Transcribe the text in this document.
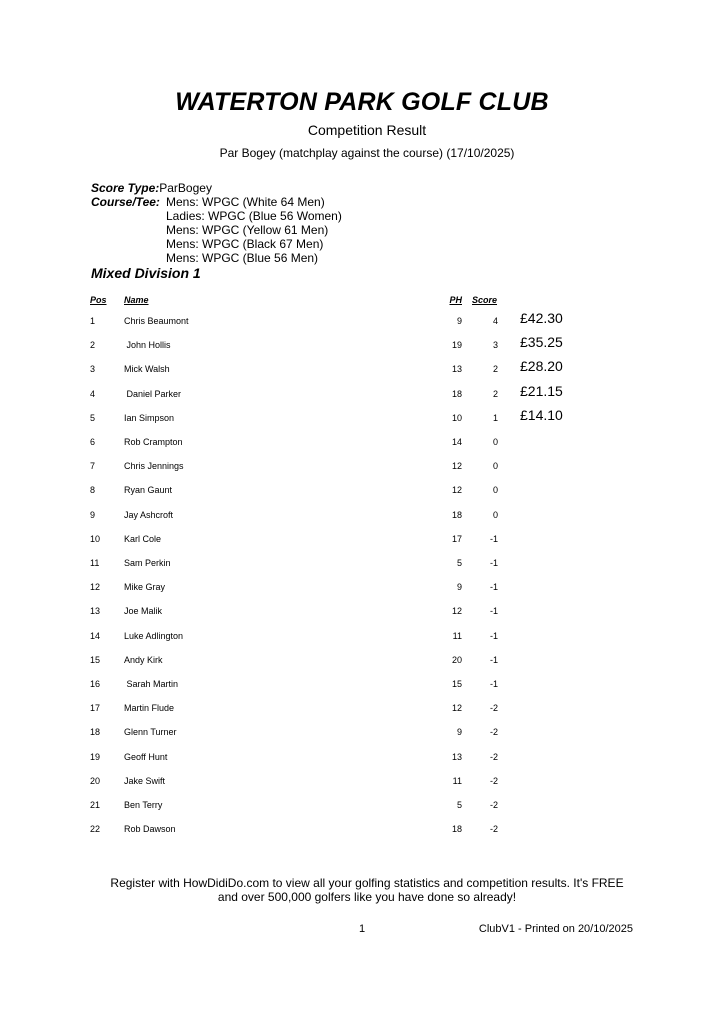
WATERTON PARK GOLF CLUB
Competition Result
Par Bogey (matchplay against the course) (17/10/2025)
Score Type:ParBogey
Course/Tee: Mens: WPGC (White 64 Men)
Ladies: WPGC (Blue 56 Women)
Mens: WPGC (Yellow 61 Men)
Mens: WPGC (Black 67 Men)
Mens: WPGC (Blue 56 Men)
Mixed Division 1
Pos Name	PH Score
1	Chris Beaumont	9	4 £42.30
2	John Hollis	19	3 £35.25
3	Mick Walsh	13	2 £28.20
4	Daniel Parker	18	2 £21.15
5	Ian Simpson	10	1 £14.10
6	Rob Crampton	14	0
7	Chris Jennings	12	0
8	Ryan Gaunt	12	0
9	Jay Ashcroft	18	0
10	Karl Cole	17	-1
11	Sam Perkin	5	-1
12	Mike Gray	9	-1
13	Joe Malik	12	-1
14	Luke Adlington	11	-1
15	Andy Kirk	20	-1
16	Sarah Martin	15	-1
17	Martin Flude	12	-2
18	Glenn Turner	9	-2
19	Geoff Hunt	13	-2
20	Jake Swift	11	-2
21	Ben Terry	5	-2
22	Rob Dawson	18	-2
Register with HowDidiDo.com to view all your golfing statistics and competition results. It's FREE
and over 500,000 golfers like you have done so already!
1	ClubV1 - Printed on 20/10/2025
